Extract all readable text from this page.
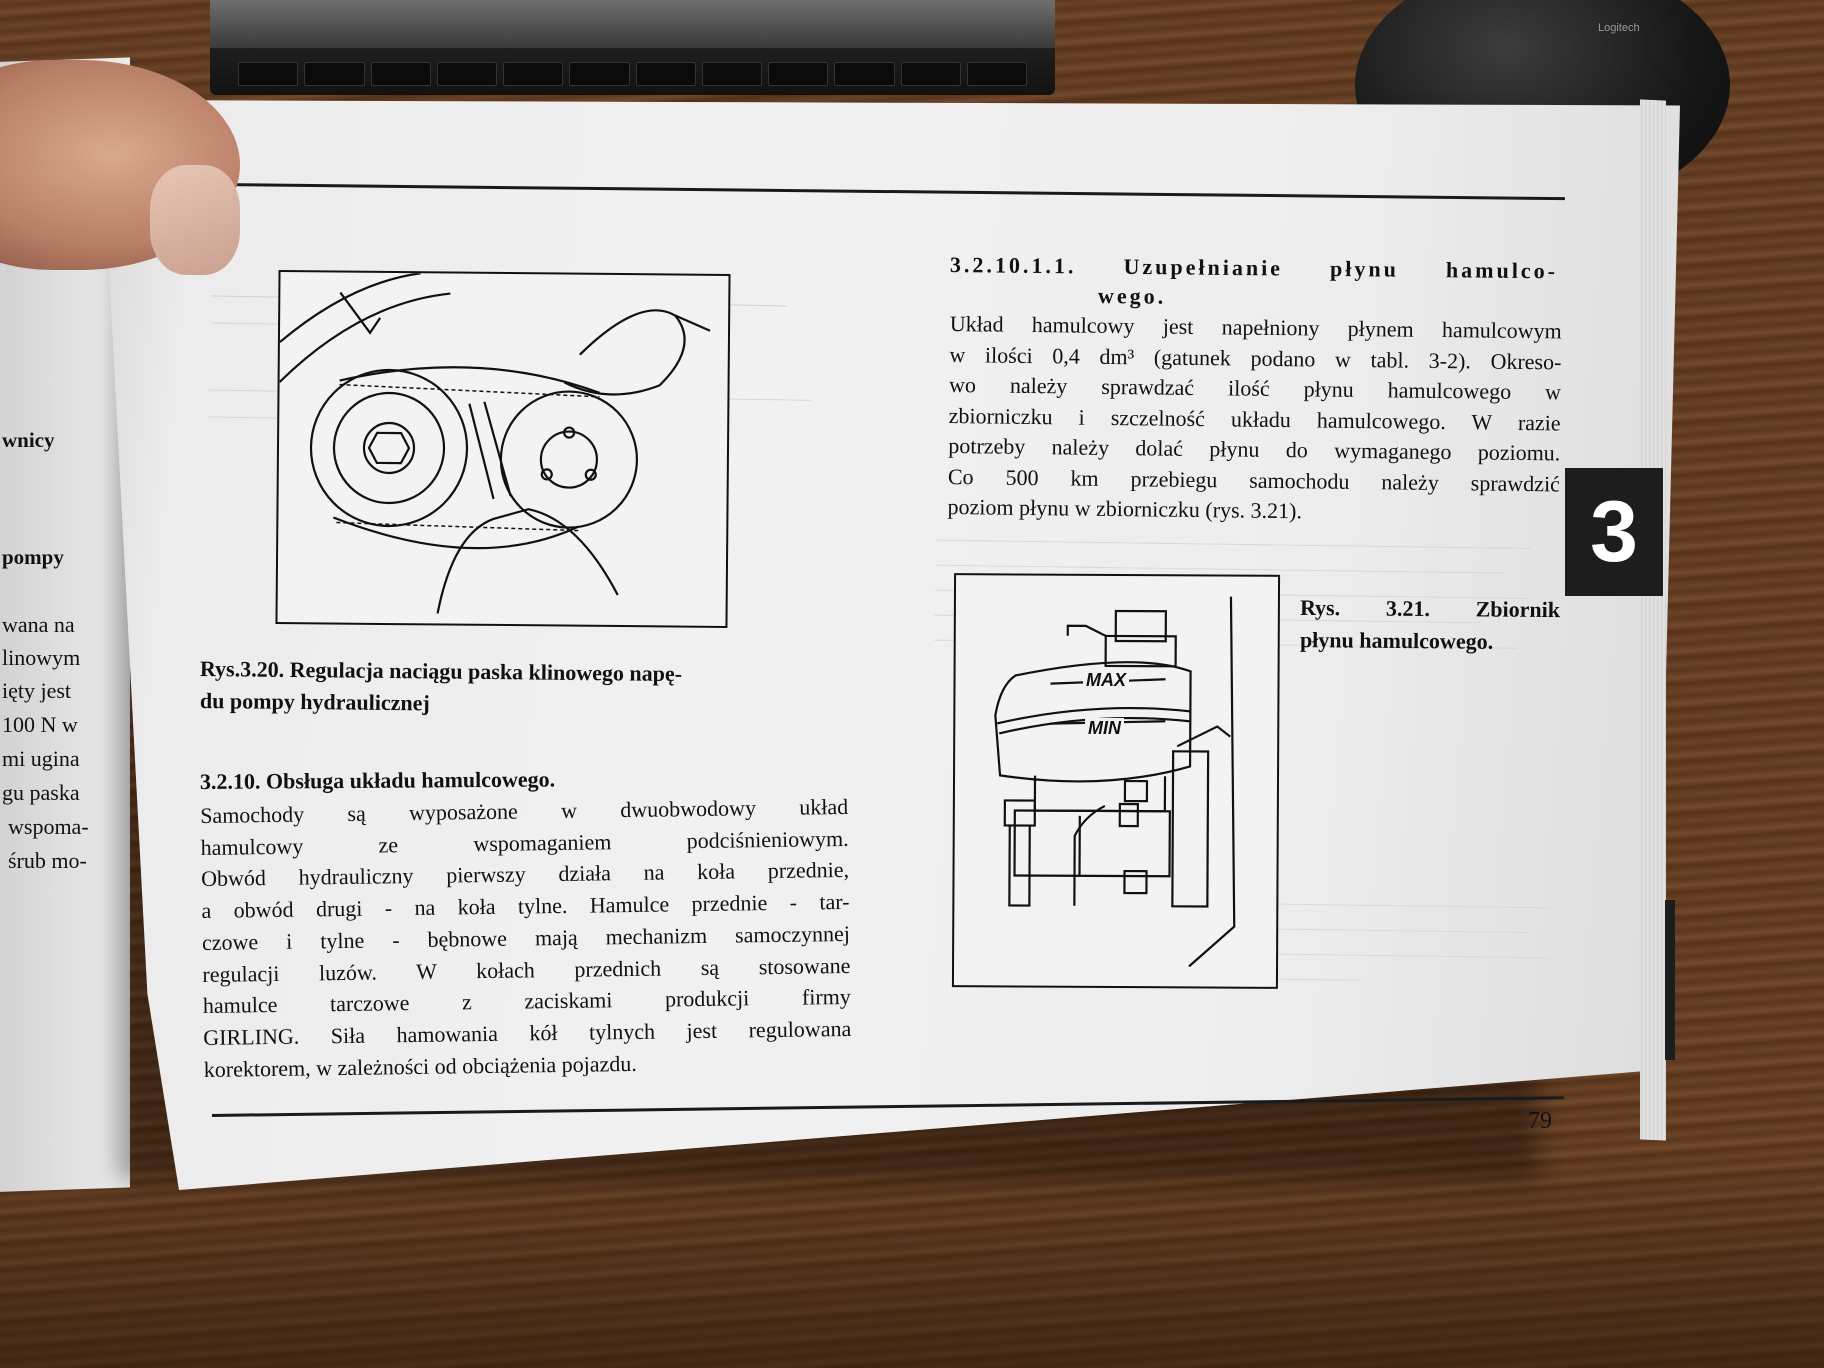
Logitech
wnicy
pompy
wana na
linowym
ięty jest
100 N w
mi ugina
gu paska
wspoma-
śrub mo-
Rys.3.20. Regulacja naciągu paska klinowego napę-
du pompy hydraulicznej
3.2.10. Obsługa układu hamulcowego.
Samochody są wyposażone w dwuobwodowy układ
hamulcowy ze wspomaganiem podciśnieniowym.
Obwód hydrauliczny pierwszy działa na koła przednie,
a obwód drugi - na koła tylne. Hamulce przednie - tar-
czowe i tylne - bębnowe mają mechanizm samoczynnej
regulacji luzów. W kołach przednich są stosowane
hamulce tarczowe z zaciskami produkcji firmy
GIRLING. Siła hamowania kół tylnych jest regulowana
korektorem, w zależności od obciążenia pojazdu.
3.2.10.1.1. Uzupełnianie płynu hamulco-
wego.
Układ hamulcowy jest napełniony płynem hamulcowym
w ilości 0,4 dm³ (gatunek podano w tabl. 3-2). Okreso-
wo należy sprawdzać ilość płynu hamulcowego w
zbiorniczku i szczelność układu hamulcowego. W razie
potrzeby należy dolać płynu do wymaganego poziomu.
Co 500 km przebiegu samochodu należy sprawdzić
poziom płynu w zbiorniczku (rys. 3.21).
MAX
MIN
Rys. 3.21. Zbiornik
płynu hamulcowego.
3
79
